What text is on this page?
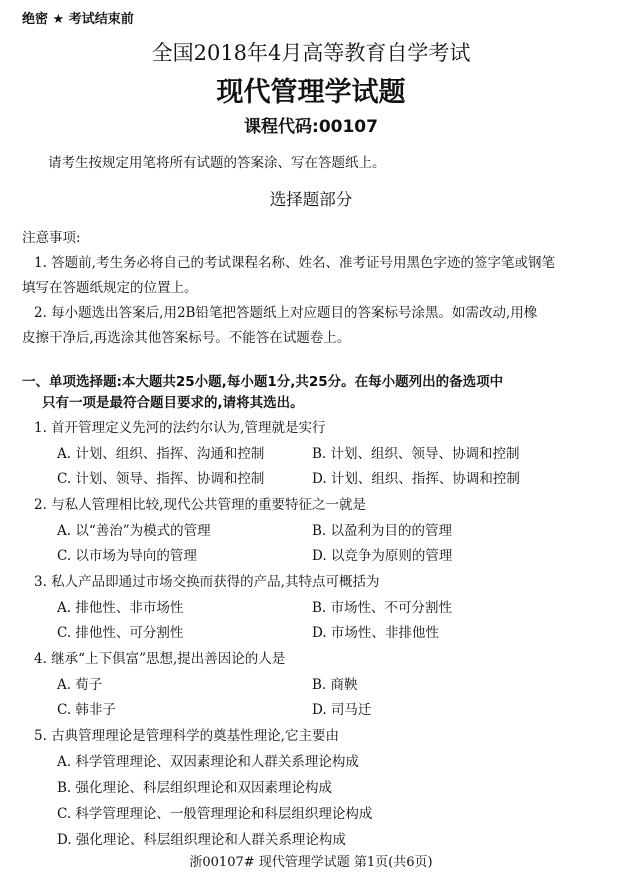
绝密 ★ 考试结束前
全国2018年4月高等教育自学考试
现代管理学试题
课程代码:00107
请考生按规定用笔将所有试题的答案涂、写在答题纸上。
选择题部分
注意事项:
1. 答题前,考生务必将自己的考试课程名称、姓名、准考证号用黑色字迹的签字笔或钢笔
填写在答题纸规定的位置上。
2. 每小题选出答案后,用2B铅笔把答题纸上对应题目的答案标号涂黑。如需改动,用橡
皮擦干净后,再选涂其他答案标号。不能答在试题卷上。
一、单项选择题:本大题共25小题,每小题1分,共25分。在每小题列出的备选项中
只有一项是最符合题目要求的,请将其选出。
1. 首开管理定义先河的法约尔认为,管理就是实行
A. 计划、组织、指挥、沟通和控制	B. 计划、组织、领导、协调和控制
C. 计划、领导、指挥、协调和控制	D. 计划、组织、指挥、协调和控制
2. 与私人管理相比较,现代公共管理的重要特征之一就是
A. 以“善治”为模式的管理	B. 以盈利为目的的管理
C. 以市场为导向的管理	D. 以竞争为原则的管理
3. 私人产品即通过市场交换而获得的产品,其特点可概括为
A. 排他性、非市场性	B. 市场性、不可分割性
C. 排他性、可分割性	D. 市场性、非排他性
4. 继承“上下俱富”思想,提出善因论的人是
A. 荀子	B. 商鞅
C. 韩非子	D. 司马迁
5. 古典管理理论是管理科学的奠基性理论,它主要由
A. 科学管理理论、双因素理论和人群关系理论构成
B. 强化理论、科层组织理论和双因素理论构成
C. 科学管理理论、一般管理理论和科层组织理论构成
D. 强化理论、科层组织理论和人群关系理论构成
浙00107# 现代管理学试题 第1页(共6页)
